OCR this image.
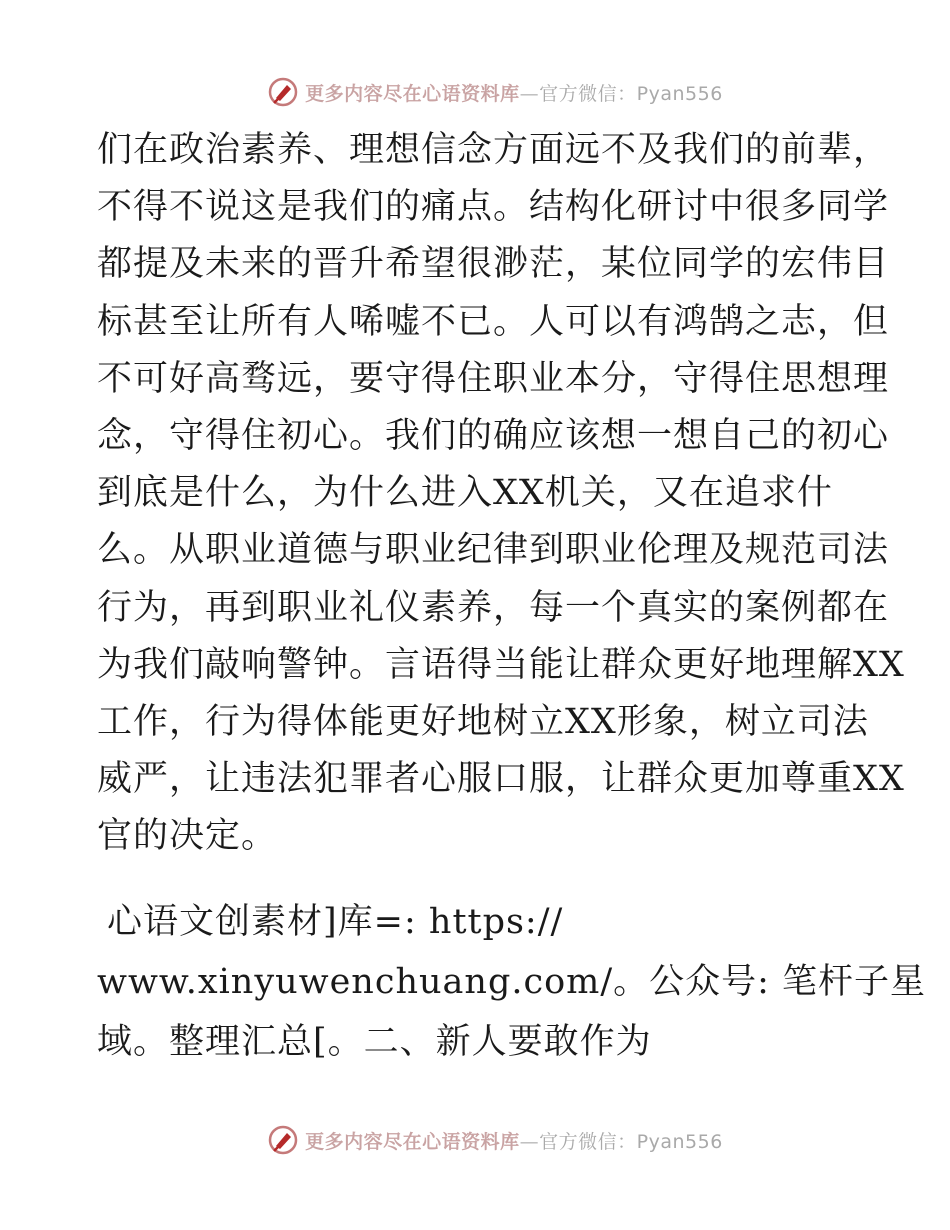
更多内容尽在心语资料库—官方微信：Pyan556
们在政治素养、理想信念方面远不及我们的前辈，
不得不说这是我们的痛点。结构化研讨中很多同学
都提及未来的晋升希望很渺茫，某位同学的宏伟目
标甚至让所有人唏嘘不已。人可以有鸿鹄之志，但
不可好高骛远，要守得住职业本分，守得住思想理
念，守得住初心。我们的确应该想一想自己的初心
到底是什么，为什么进入XX机关，又在追求什
么。从职业道德与职业纪律到职业伦理及规范司法
行为，再到职业礼仪素养，每一个真实的案例都在
为我们敲响警钟。言语得当能让群众更好地理解XX
工作，行为得体能更好地树立XX形象，树立司法
威严，让违法犯罪者心服口服，让群众更加尊重XX
官的决定。
心语文创素材]库=: https://
www.xinyuwenchuang.com/。公众号: 笔杆子星
域。整理汇总[。二、新人要敢作为
更多内容尽在心语资料库—官方微信：Pyan556
